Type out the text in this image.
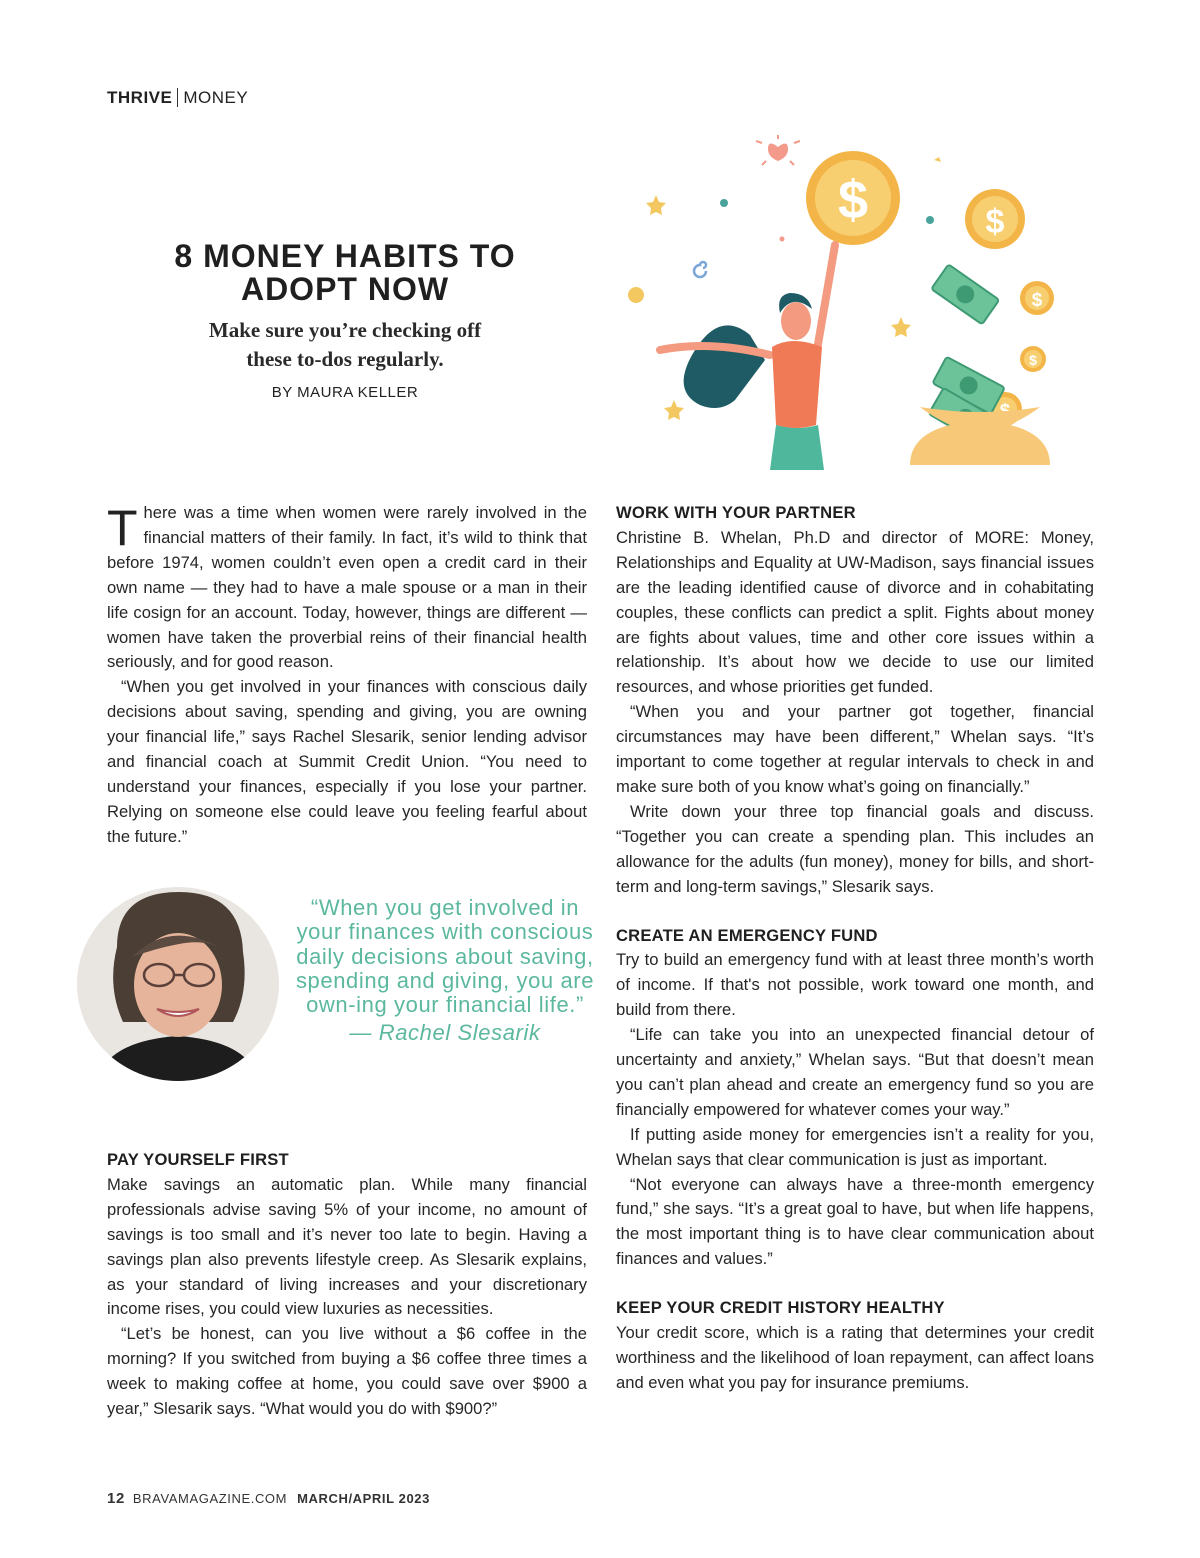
THRIVE MONEY
8 MONEY HABITS TO
ADOPT NOW

Make sure you’re checking off
these to-dos regularly.

BY MAURA KELLER
$	$
$
$

There was a time when women were rarely involved in the financial matters of their family. In fact, it’s wild to think that before 1974, women couldn’t even open a credit card in their own name — they had to have a male spouse or a man in their life cosign for an account. Today, however, things are different — women have taken the proverbial reins of their financial health seriously, and for good reason.

“When you get involved in your finances with conscious daily decisions about saving, spending and giving, you are owning your financial life,” says Rachel Slesarik, senior lending advisor and financial coach at Summit Credit Union. “You need to understand your finances, especially if you lose your partner. Relying on someone else could leave you feeling fearful about the future.”

“When you get involved in your finances with conscious daily decisions about saving, spending and giving, you are own-ing your financial life.”
— Rachel Slesarik
PAY YOURSELF FIRST

Make savings an automatic plan. While many financial professionals advise saving 5% of your income, no amount of savings is too small and it’s never too late to begin. Having a savings plan also prevents lifestyle creep. As Slesarik explains, as your standard of living increases and your discretionary income rises, you could view luxuries as necessities.

“Let’s be honest, can you live without a $6 coffee in the morning? If you switched from buying a $6 coffee three times a week to making coffee at home, you could save over $900 a year,” Slesarik says. “What would you do with $900?”

WORK WITH YOUR PARTNER

Christine B. Whelan, Ph.D and director of MORE: Money, Relationships and Equality at UW-Madison, says financial issues are the leading identified cause of divorce and in cohabitating couples, these conflicts can predict a split. Fights about money are fights about values, time and other core issues within a relationship. It’s about how we decide to use our limited resources, and whose priorities get funded.

“When you and your partner got together, financial circumstances may have been different,” Whelan says. “It’s important to come together at regular intervals to check in and make sure both of you know what’s going on financially.”

Write down your three top financial goals and discuss. “Together you can create a spending plan. This includes an allowance for the adults (fun money), money for bills, and short-term and long-term savings,” Slesarik says.

CREATE AN EMERGENCY FUND

Try to build an emergency fund with at least three month’s worth of income. If that's not possible, work toward one month, and build from there.

“Life can take you into an unexpected financial detour of uncertainty and anxiety,” Whelan says. “But that doesn’t mean you can’t plan ahead and create an emergency fund so you are financially empowered for whatever comes your way.”

If putting aside money for emergencies isn’t a reality for you, Whelan says that clear communication is just as important.

“Not everyone can always have a three-month emergency fund,” she says. “It’s a great goal to have, but when life happens, the most important thing is to have clear communication about finances and values.”

KEEP YOUR CREDIT HISTORY HEALTHY

Your credit score, which is a rating that determines your credit worthiness and the likelihood of loan repayment, can affect loans and even what you pay for insurance premiums.

12 BRAVAMAGAZINE.COM MARCH/APRIL 2023
